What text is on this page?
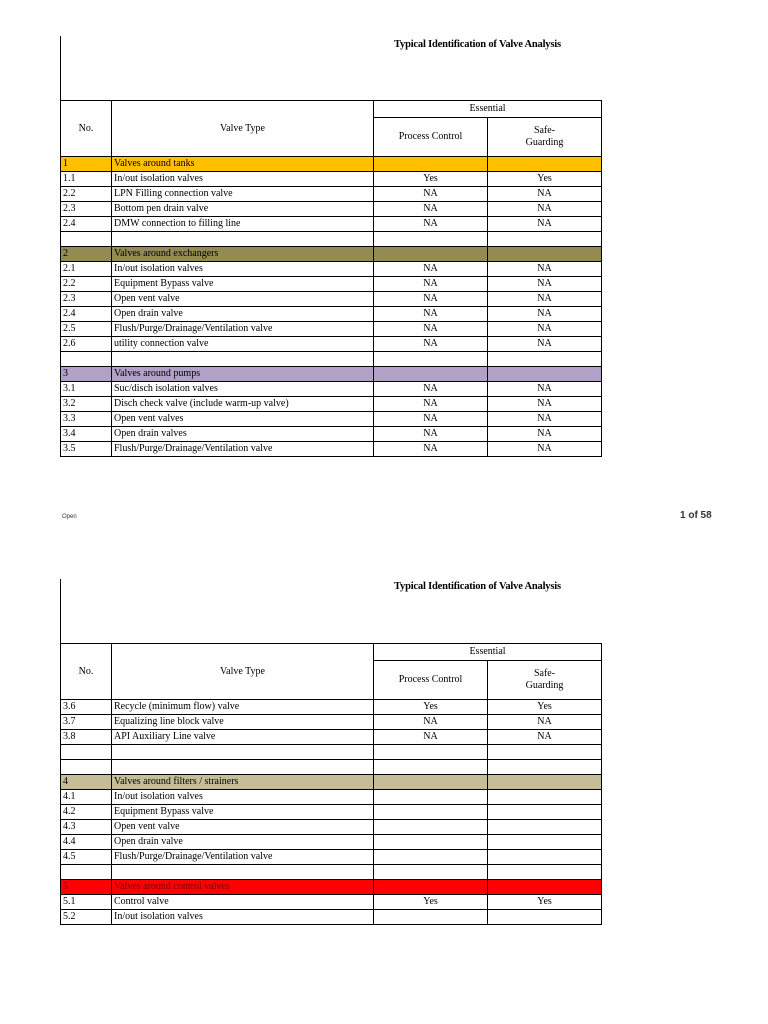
Typical Identification of Valve Analysis
No.	Valve Type	Essential	
		Process Control	Safe-
Guarding
1	Valves around tanks		
1.1	In/out isolation valves	Yes	Yes
2.2	LPN Filling connection valve	NA	NA
2.3	Bottom pen drain valve	NA	NA
2.4	DMW connection to filling line	NA	NA

2	Valves around exchangers		
2.1	In/out isolation valves	NA	NA
2.2	Equipment Bypass valve	NA	NA
2.3	Open vent valve	NA	NA
2.4	Open drain valve	NA	NA
2.5	Flush/Purge/Drainage/Ventilation valve	NA	NA
2.6	utility connection valve	NA	NA

3	Valves around pumps		
3.1	Suc/disch isolation valves	NA	NA
3.2	Disch check valve (include warm-up valve)	NA	NA
3.3	Open vent valves	NA	NA
3.4	Open drain valves	NA	NA
3.5	Flush/Purge/Drainage/Ventilation valve	NA	NA
Open	1 of 58
Typical Identification of Valve Analysis
No.	Valve Type	Essential	
		Process Control	Safe-
Guarding
3.6	Recycle (minimum flow) valve	Yes	Yes
3.7	Equalizing line block valve	NA	NA
3.8	API Auxiliary Line valve	NA	NA

4	Valves around filters / strainers		
4.1	In/out isolation valves		
4.2	Equipment Bypass valve		
4.3	Open vent valve		
4.4	Open drain valve		
4.5	Flush/Purge/Drainage/Ventilation valve		

5	Valves around control valves		
5.1	Control valve	Yes	Yes
5.2	In/out isolation valves		
